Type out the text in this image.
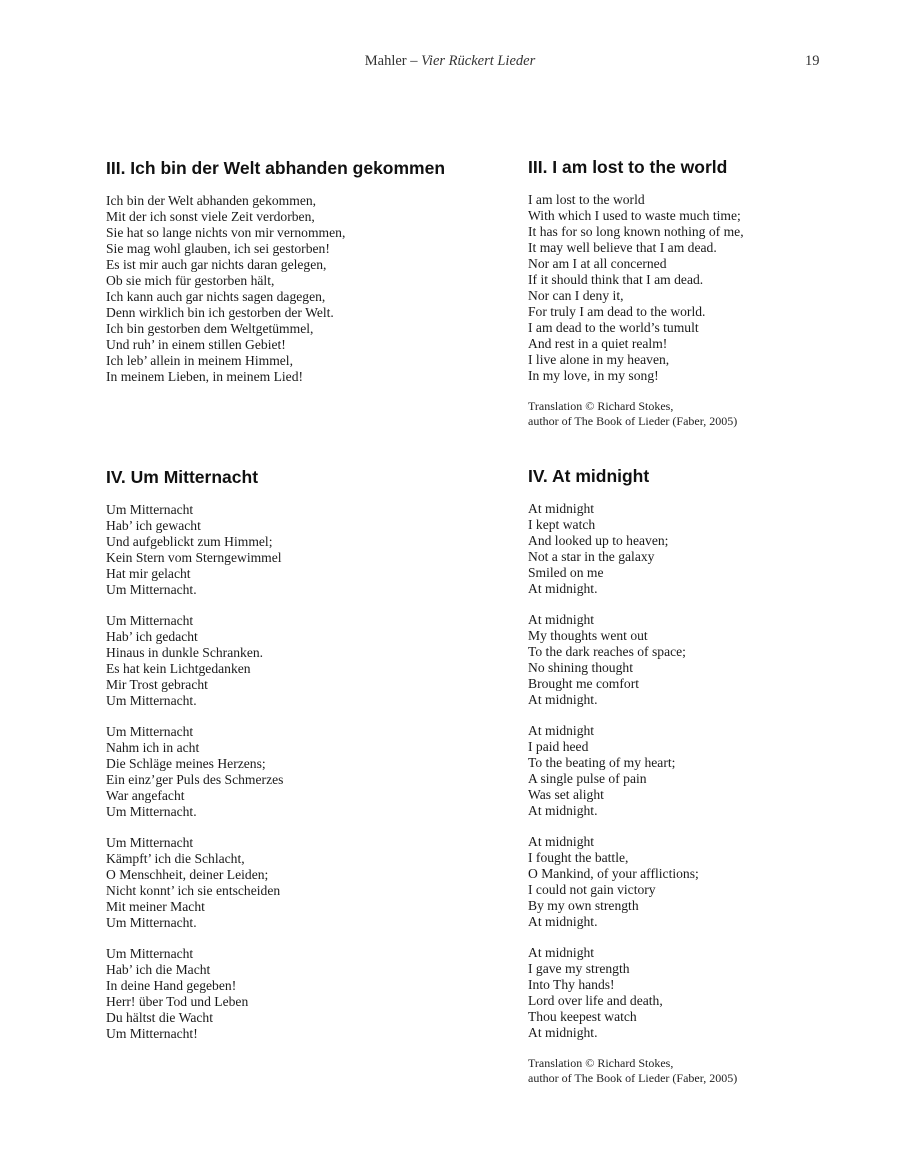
Mahler – Vier Rückert Lieder	19
III. Ich bin der Welt abhanden gekommen
Ich bin der Welt abhanden gekommen,
Mit der ich sonst viele Zeit verdorben,
Sie hat so lange nichts von mir vernommen,
Sie mag wohl glauben, ich sei gestorben!
Es ist mir auch gar nichts daran gelegen,
Ob sie mich für gestorben hält,
Ich kann auch gar nichts sagen dagegen,
Denn wirklich bin ich gestorben der Welt.
Ich bin gestorben dem Weltgetümmel,
Und ruh’ in einem stillen Gebiet!
Ich leb’ allein in meinem Himmel,
In meinem Lieben, in meinem Lied!
III. I am lost to the world
I am lost to the world
With which I used to waste much time;
It has for so long known nothing of me,
It may well believe that I am dead.
Nor am I at all concerned
If it should think that I am dead.
Nor can I deny it,
For truly I am dead to the world.
I am dead to the world’s tumult
And rest in a quiet realm!
I live alone in my heaven,
In my love, in my song!
Translation © Richard Stokes,
author of The Book of Lieder (Faber, 2005)
IV. Um Mitternacht
Um Mitternacht
Hab’ ich gewacht
Und aufgeblickt zum Himmel;
Kein Stern vom Sterngewimmel
Hat mir gelacht
Um Mitternacht.
Um Mitternacht
Hab’ ich gedacht
Hinaus in dunkle Schranken.
Es hat kein Lichtgedanken
Mir Trost gebracht
Um Mitternacht.
Um Mitternacht
Nahm ich in acht
Die Schläge meines Herzens;
Ein einz’ger Puls des Schmerzes
War angefacht
Um Mitternacht.
Um Mitternacht
Kämpft’ ich die Schlacht,
O Menschheit, deiner Leiden;
Nicht konnt’ ich sie entscheiden
Mit meiner Macht
Um Mitternacht.
Um Mitternacht
Hab’ ich die Macht
In deine Hand gegeben!
Herr! über Tod und Leben
Du hältst die Wacht
Um Mitternacht!
IV. At midnight
At midnight
I kept watch
And looked up to heaven;
Not a star in the galaxy
Smiled on me
At midnight.
At midnight
My thoughts went out
To the dark reaches of space;
No shining thought
Brought me comfort
At midnight.
At midnight
I paid heed
To the beating of my heart;
A single pulse of pain
Was set alight
At midnight.
At midnight
I fought the battle,
O Mankind, of your afflictions;
I could not gain victory
By my own strength
At midnight.
At midnight
I gave my strength
Into Thy hands!
Lord over life and death,
Thou keepest watch
At midnight.
Translation © Richard Stokes,
author of The Book of Lieder (Faber, 2005)
